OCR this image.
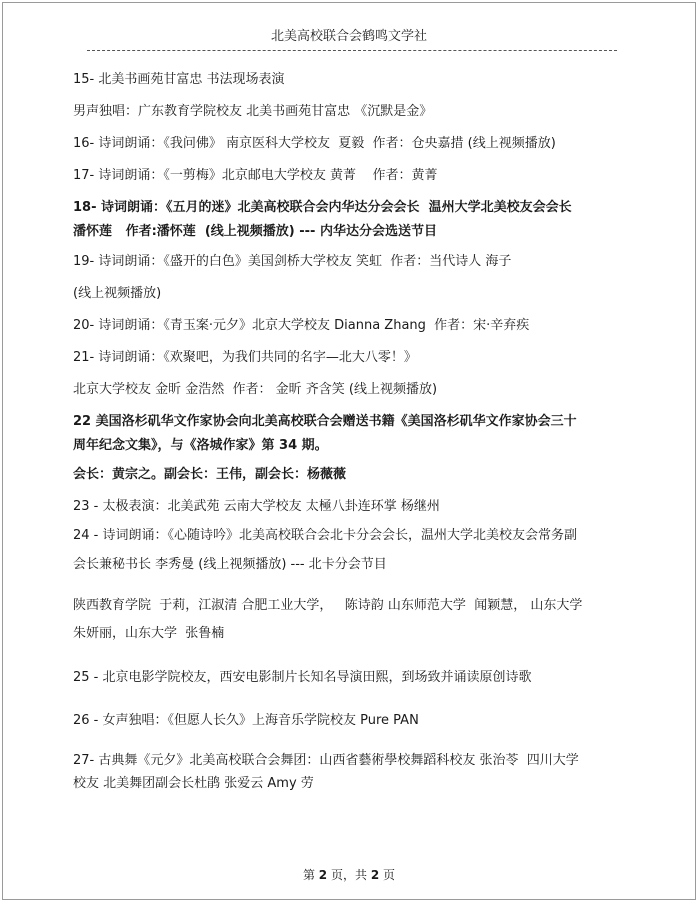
北美高校联合会鹤鸣文学社

15- 北美书画苑甘富忠 书法现场表演

男声独唱：广东教育学院校友 北美书画苑甘富忠 《沉默是金》

16- 诗词朗诵：《我问佛》 南京医科大学校友  夏毅  作者：仓央嘉措 (线上视频播放)

17- 诗词朗诵：《一剪梅》北京邮电大学校友 黄菁    作者：黄菁

18- 诗词朗诵：《五月的迷》北美高校联合会内华达分会会长  温州大学北美校友会会长

潘怀莲   作者:潘怀莲  (线上视频播放) --- 内华达分会选送节目

19- 诗词朗诵：《盛开的白色》美国剑桥大学校友 笑虹  作者：当代诗人 海子

(线上视频播放)

20- 诗词朗诵：《青玉案·元夕》北京大学校友 Dianna Zhang  作者：宋·辛弃疾

21- 诗词朗诵：《欢聚吧，为我们共同的名字—北大八零！》

北京大学校友 金昕 金浩然  作者： 金昕 齐含笑 (线上视频播放)

22 美国洛杉矶华文作家协会向北美高校联合会赠送书籍《美国洛杉矶华文作家协会三十

周年纪念文集》，与《洛城作家》第 34 期。

会长：黄宗之。副会长：王伟，副会长：杨薇薇

23 - 太极表演：北美武苑 云南大学校友 太極八卦连环掌 杨继州

24 - 诗词朗诵：《心随诗吟》北美高校联合会北卡分会会长，温州大学北美校友会常务副

会长兼秘书长 李秀曼 (线上视频播放) --- 北卡分会节目

陕西教育学院  于莉，江淑清 合肥工业大学，   陈诗韵 山东师范大学  闻颖慧， 山东大学

朱妍丽，山东大学  张鲁楠

25 - 北京电影学院校友，西安电影制片长知名导演田熙，到场致并诵读原创诗歌

26 - 女声独唱：《但愿人长久》上海音乐学院校友 Pure PAN

27- 古典舞《元夕》北美高校联合会舞团：山西省藝術學校舞蹈科校友 张治苓  四川大学

校友 北美舞团副会长杜鹃 张爱云 Amy 劳

第 2 页，共 2 页
